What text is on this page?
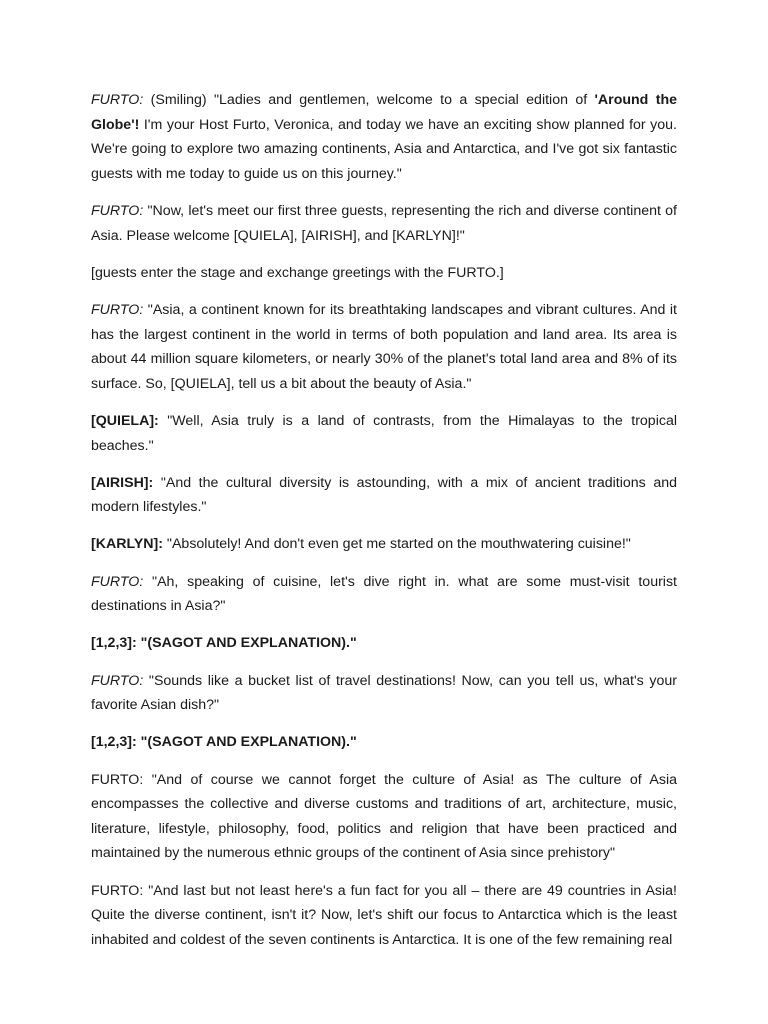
FURTO: (Smiling) "Ladies and gentlemen, welcome to a special edition of 'Around the Globe'! I'm your Host Furto, Veronica, and today we have an exciting show planned for you. We're going to explore two amazing continents, Asia and Antarctica, and I've got six fantastic guests with me today to guide us on this journey."

FURTO: "Now, let's meet our first three guests, representing the rich and diverse continent of Asia. Please welcome [QUIELA], [AIRISH], and [KARLYN]!"

[guests enter the stage and exchange greetings with the FURTO.]

FURTO: "Asia, a continent known for its breathtaking landscapes and vibrant cultures. And it has the largest continent in the world in terms of both population and land area. Its area is about 44 million square kilometers, or nearly 30% of the planet's total land area and 8% of its surface. So, [QUIELA], tell us a bit about the beauty of Asia."

[QUIELA]: "Well, Asia truly is a land of contrasts, from the Himalayas to the tropical beaches."

[AIRISH]: "And the cultural diversity is astounding, with a mix of ancient traditions and modern lifestyles."

[KARLYN]: "Absolutely! And don't even get me started on the mouthwatering cuisine!"

FURTO: "Ah, speaking of cuisine, let's dive right in. what are some must-visit tourist destinations in Asia?"

[1,2,3]: "(SAGOT AND EXPLANATION)."

FURTO: "Sounds like a bucket list of travel destinations! Now, can you tell us, what's your favorite Asian dish?"

[1,2,3]: "(SAGOT AND EXPLANATION)."

FURTO: "And of course we cannot forget the culture of Asia! as The culture of Asia encompasses the collective and diverse customs and traditions of art, architecture, music, literature, lifestyle, philosophy, food, politics and religion that have been practiced and maintained by the numerous ethnic groups of the continent of Asia since prehistory"

FURTO: "And last but not least here's a fun fact for you all – there are 49 countries in Asia! Quite the diverse continent, isn't it? Now, let's shift our focus to Antarctica which is the least inhabited and coldest of the seven continents is Antarctica. It is one of the few remaining real
